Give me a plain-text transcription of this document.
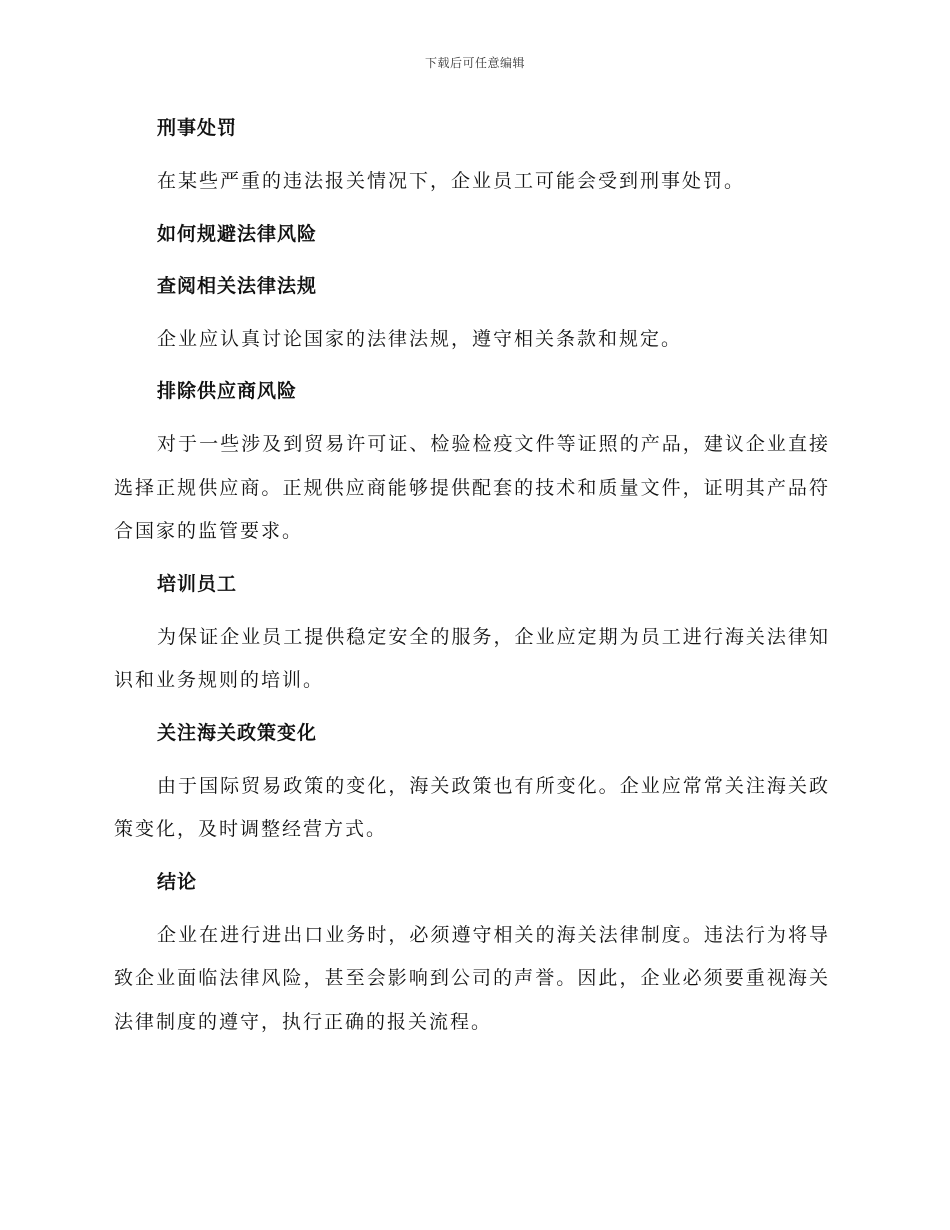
下载后可任意编辑
刑事处罚

在某些严重的违法报关情况下，企业员工可能会受到刑事处罚。

如何规避法律风险
查阅相关法律法规

企业应认真讨论国家的法律法规，遵守相关条款和规定。

排除供应商风险

对于一些涉及到贸易许可证、检验检疫文件等证照的产品，建议企业直接选择正规供应商。正规供应商能够提供配套的技术和质量文件，证明其产品符合国家的监管要求。

培训员工

为保证企业员工提供稳定安全的服务，企业应定期为员工进行海关法律知识和业务规则的培训。

关注海关政策变化

由于国际贸易政策的变化，海关政策也有所变化。企业应常常关注海关政策变化，及时调整经营方式。

结论

企业在进行进出口业务时，必须遵守相关的海关法律制度。违法行为将导致企业面临法律风险，甚至会影响到公司的声誉。因此，企业必须要重视海关法律制度的遵守，执行正确的报关流程。
